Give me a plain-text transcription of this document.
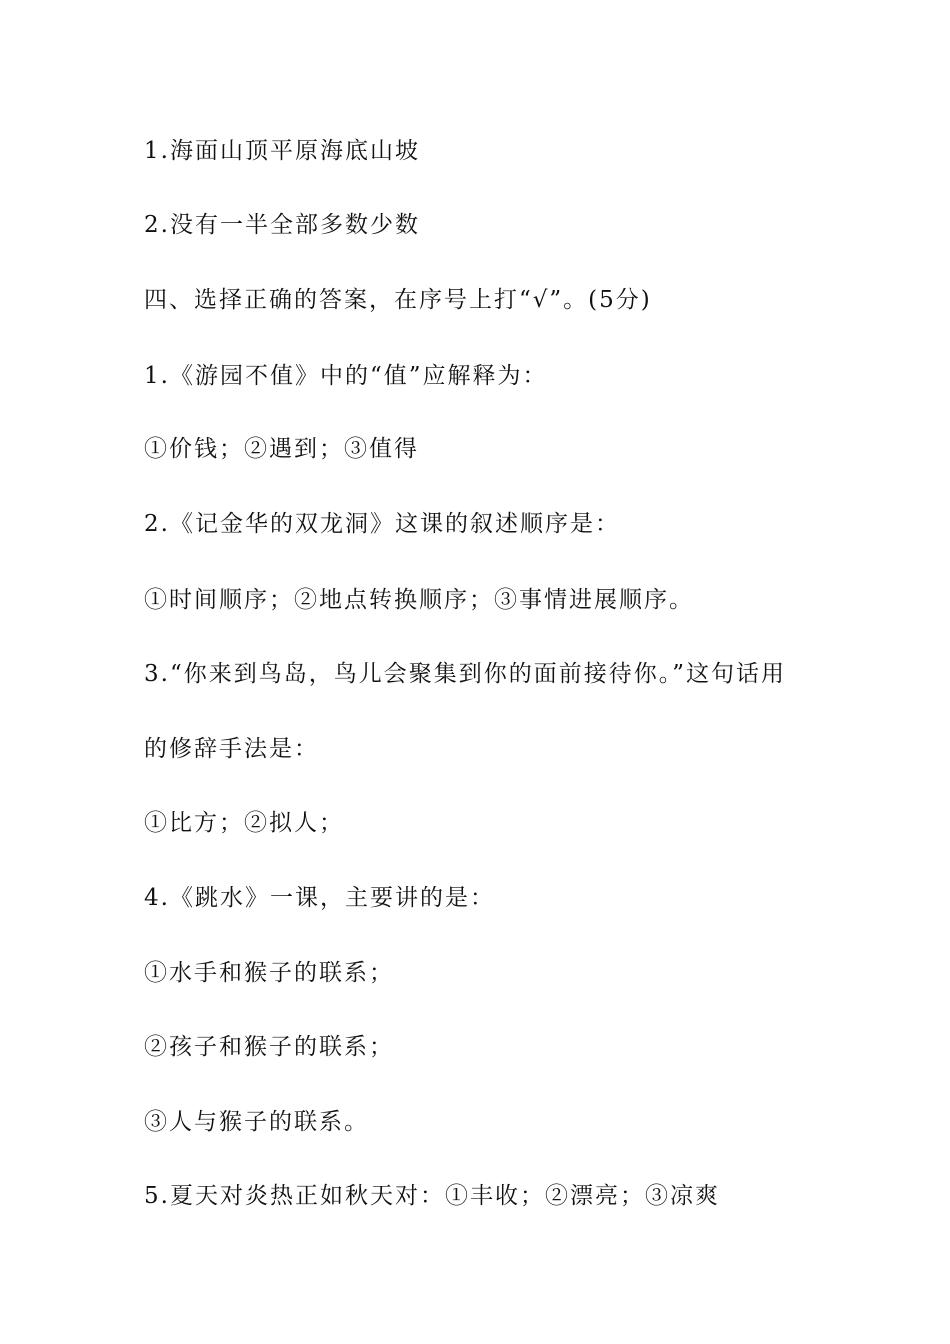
1.海面山顶平原海底山坡
2.没有一半全部多数少数
四、选择正确的答案，在序号上打“√”。(5分)
1.《游园不值》中的“值”应解释为：
①价钱；②遇到；③值得
2.《记金华的双龙洞》这课的叙述顺序是：
①时间顺序；②地点转换顺序；③事情进展顺序。
3.“你来到鸟岛，鸟儿会聚集到你的面前接待你。”这句话用
的修辞手法是：
①比方；②拟人；
4.《跳水》一课，主要讲的是：
①水手和猴子的联系；
②孩子和猴子的联系；
③人与猴子的联系。
5.夏天对炎热正如秋天对：①丰收；②漂亮；③凉爽
